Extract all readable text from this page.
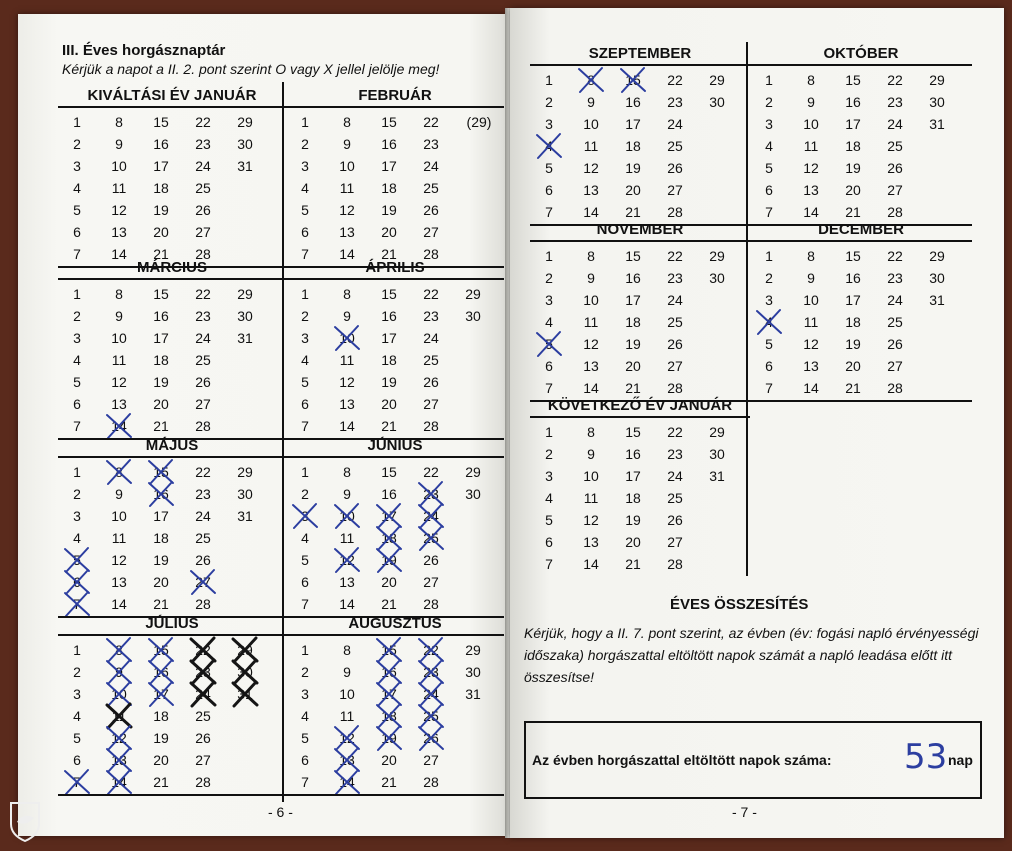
III. Éves horgásznaptár
Kérjük a napot a II. 2. pont szerint O vagy X jellel jelölje meg!
- 6 -
KIVÁLTÁSI ÉV JANUÁR
1
2
3
4
5
6
7
8
9
10
11
12
13
14
15
16
17
18
19
20
21
22
23
24
25
26
27
28
29
30
31
FEBRUÁR
1
2
3
4
5
6
7
8
9
10
11
12
13
14
15
16
17
18
19
20
21
22
23
24
25
26
27
28
(29)
MÁRCIUS
1
2
3
4
5
6
7
8
9
10
11
12
13
14
15
16
17
18
19
20
21
22
23
24
25
26
27
28
29
30
31
ÁPRILIS
1
2
3
4
5
6
7
8
9
10
11
12
13
14
15
16
17
18
19
20
21
22
23
24
25
26
27
28
29
30
MÁJUS
1
2
3
4
5
6
7
8
9
10
11
12
13
14
15
16
17
18
19
20
21
22
23
24
25
26
27
28
29
30
31
JÚNIUS
1
2
3
4
5
6
7
8
9
10
11
12
13
14
15
16
17
18
19
20
21
22
23
24
25
26
27
28
29
30
JÚLIUS
1
2
3
4
5
6
7
8
9
10
11
12
13
14
15
16
17
18
19
20
21
22
23
24
25
26
27
28
29
30
31
AUGUSZTUS
1
2
3
4
5
6
7
8
9
10
11
12
13
14
15
16
17
18
19
20
21
22
23
24
25
26
27
28
29
30
31
ÉVES ÖSSZESÍTÉS
Kérjük, hogy a II. 7. pont szerint, az évben (év: fogási napló érvényességi időszaka) horgászattal eltöltött napok számát a napló leadása előtt itt összesítse!
Az évben horgászattal eltöltött napok száma: 53 nap
- 7 -
SZEPTEMBER
1
2
3
4
5
6
7
8
9
10
11
12
13
14
15
16
17
18
19
20
21
22
23
24
25
26
27
28
29
30
OKTÓBER
1
2
3
4
5
6
7
8
9
10
11
12
13
14
15
16
17
18
19
20
21
22
23
24
25
26
27
28
29
30
31
NOVEMBER
1
2
3
4
5
6
7
8
9
10
11
12
13
14
15
16
17
18
19
20
21
22
23
24
25
26
27
28
29
30
DECEMBER
1
2
3
4
5
6
7
8
9
10
11
12
13
14
15
16
17
18
19
20
21
22
23
24
25
26
27
28
29
30
31
KÖVETKEZŐ ÉV JANUÁR
1
2
3
4
5
6
7
8
9
10
11
12
13
14
15
16
17
18
19
20
21
22
23
24
25
26
27
28
29
30
31
